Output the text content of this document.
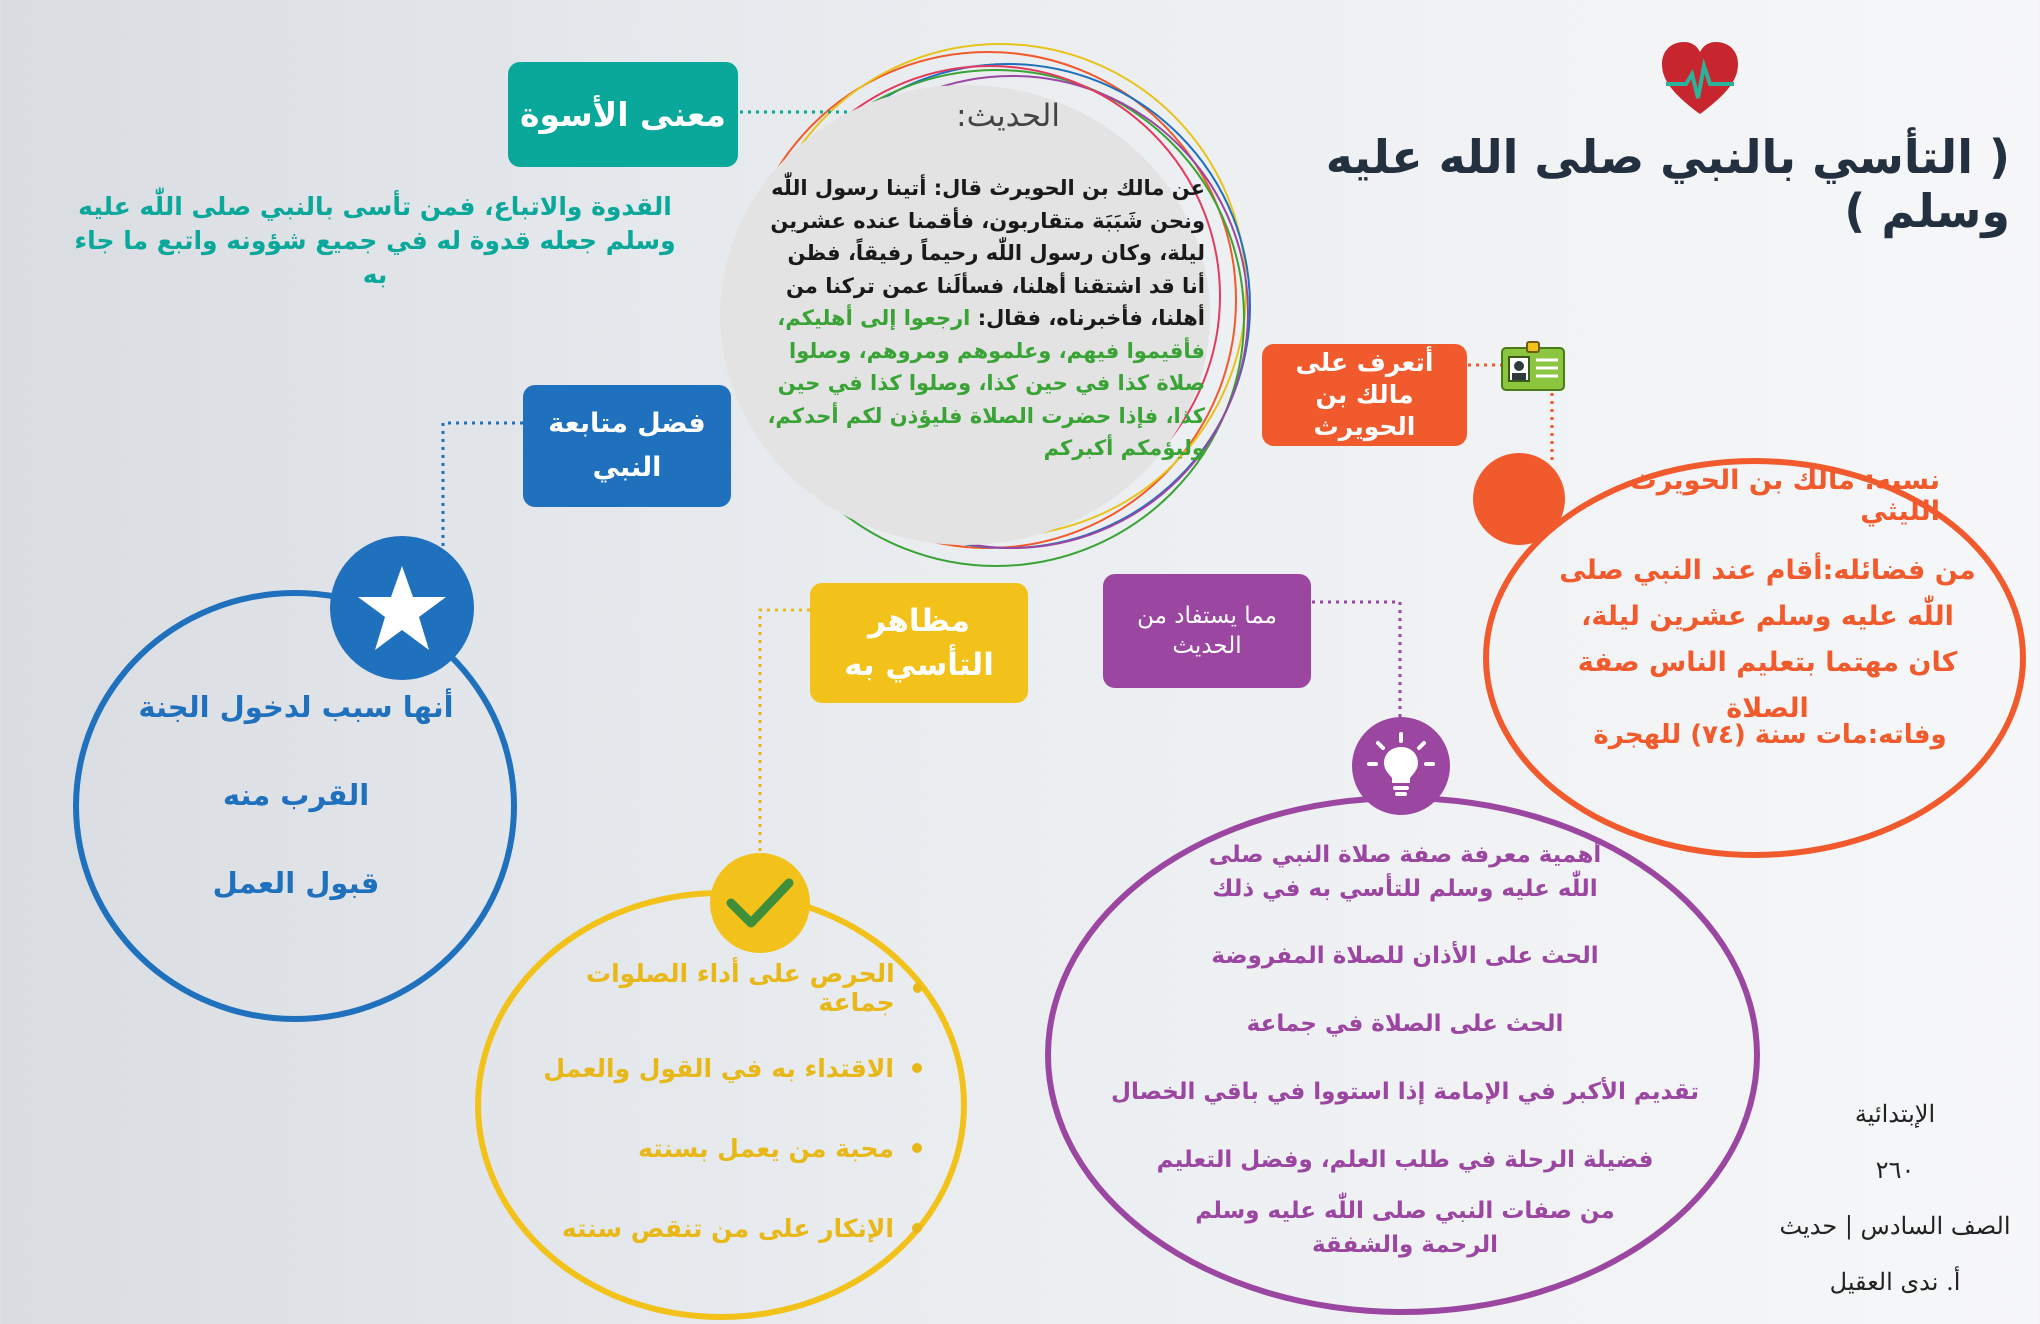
( التأسي بالنبي صلى الله عليه وسلم )
الحديث:
عن مالك بن الحويرث قال: أتينا رسول اللّٰه ونحن شَبَبَة متقاربون، فأقمنا عنده عشرين ليلة، وكان رسول اللّٰه رحيماً رفيقاً، فظن أنا قد اشتقنا أهلنا، فسألَنا عمن تركنا من أهلنا، فأخبرناه، فقال: ارجعوا إلى أهليكم، فأقيموا فيهم، وعلموهم ومروهم، وصلوا صلاة كذا في حين كذا، وصلوا كذا في حين كذا، فإذا حضرت الصلاة فليؤذن لكم أحدكم، وليؤمكم أكبركم
معنى الأسوة
القدوة والاتباع، فمن تأسى بالنبي صلى اللّٰه عليه وسلم جعله قدوة له في جميع شؤونه واتبع ما جاء به
فضل متابعة النبي
أنها سبب لدخول الجنة
القرب منه
قبول العمل
مظاهر التأسي به
الحرص على أداء الصلوات جماعة
الاقتداء به في القول والعمل
محبة من يعمل بسنته
الإنكار على من تنقص سنته
مما يستفاد من الحديث
أهمية معرفة صفة صلاة النبي صلى اللّٰه عليه وسلم للتأسي به في ذلك
الحث على الأذان للصلاة المفروضة
الحث على الصلاة في جماعة
تقديم الأكبر في الإمامة إذا استووا في باقي الخصال
فضيلة الرحلة في طلب العلم، وفضل التعليم
من صفات النبي صلى اللّٰه عليه وسلم الرحمة والشفقة
أتعرف على مالك بن الحويرث
نسبه: مالك بن الحويرث الليثي
من فضائله:أقام عند النبي صلى اللّٰه عليه وسلم عشرين ليلة، كان مهتما بتعليم الناس صفة الصلاة
وفاته:مات سنة (٧٤) للهجرة
الإبتدائية
٢٦٠
الصف السادس | حديث
أ. ندى العقيل
